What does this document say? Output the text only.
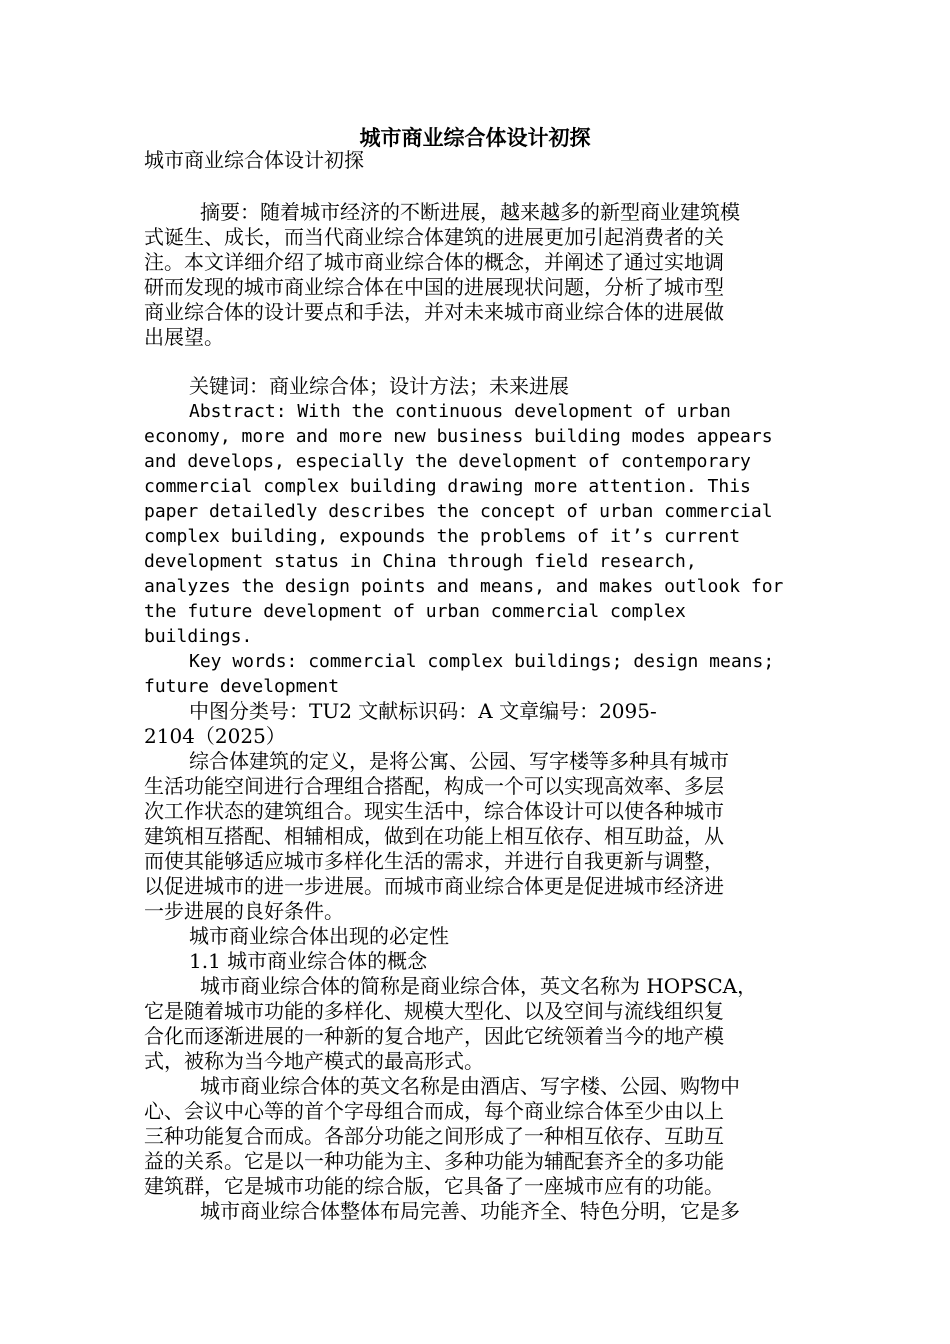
城市商业综合体设计初探
城市商业综合体设计初探
摘要：随着城市经济的不断进展，越来越多的新型商业建筑模
式诞生、成长，而当代商业综合体建筑的进展更加引起消费者的关
注。本文详细介绍了城市商业综合体的概念，并阐述了通过实地调
研而发现的城市商业综合体在中国的进展现状问题，分析了城市型
商业综合体的设计要点和手法，并对未来城市商业综合体的进展做
出展望。
关键词：商业综合体；设计方法；未来进展
Abstract: With the continuous development of urban
economy, more and more new business building modes appears
and develops, especially the development of contemporary
commercial complex building drawing more attention. This
paper detailedly describes the concept of urban commercial
complex building, expounds the problems of it’s current
development status in China through field research,
analyzes the design points and means, and makes outlook for
the future development of urban commercial complex
buildings.
Key words: commercial complex buildings; design means;
future development
中图分类号：TU2 文献标识码：A 文章编号：2095-
2104（2025）
综合体建筑的定义，是将公寓、公园、写字楼等多种具有城市
生活功能空间进行合理组合搭配，构成一个可以实现高效率、多层
次工作状态的建筑组合。现实生活中，综合体设计可以使各种城市
建筑相互搭配、相辅相成，做到在功能上相互依存、相互助益，从
而使其能够适应城市多样化生活的需求，并进行自我更新与调整，
以促进城市的进一步进展。而城市商业综合体更是促进城市经济进
一步进展的良好条件。
城市商业综合体出现的必定性
1.1 城市商业综合体的概念
城市商业综合体的简称是商业综合体，英文名称为 HOPSCA，
它是随着城市功能的多样化、规模大型化、以及空间与流线组织复
合化而逐渐进展的一种新的复合地产，因此它统领着当今的地产模
式，被称为当今地产模式的最高形式。
城市商业综合体的英文名称是由酒店、写字楼、公园、购物中
心、会议中心等的首个字母组合而成，每个商业综合体至少由以上
三种功能复合而成。各部分功能之间形成了一种相互依存、互助互
益的关系。它是以一种功能为主、多种功能为辅配套齐全的多功能
建筑群，它是城市功能的综合版，它具备了一座城市应有的功能。
城市商业综合体整体布局完善、功能齐全、特色分明，它是多
